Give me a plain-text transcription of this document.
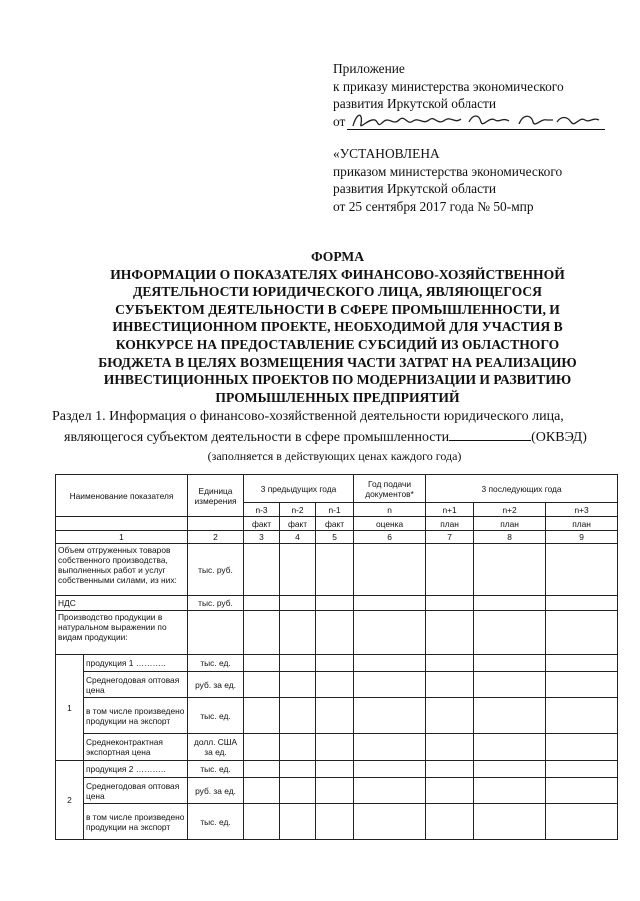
Приложение
к приказу министерства экономического
развития Иркутской области
от
«УСТАНОВЛЕНА
приказом министерства экономического
развития Иркутской области
от 25 сентября 2017 года № 50-мпр
ФОРМА
ИНФОРМАЦИИ О ПОКАЗАТЕЛЯХ ФИНАНСОВО-ХОЗЯЙСТВЕННОЙ
ДЕЯТЕЛЬНОСТИ ЮРИДИЧЕСКОГО ЛИЦА, ЯВЛЯЮЩЕГОСЯ
СУБЪЕКТОМ ДЕЯТЕЛЬНОСТИ В СФЕРЕ ПРОМЫШЛЕННОСТИ, И
ИНВЕСТИЦИОННОМ ПРОЕКТЕ, НЕОБХОДИМОЙ ДЛЯ УЧАСТИЯ В
КОНКУРСЕ НА ПРЕДОСТАВЛЕНИЕ СУБСИДИЙ ИЗ ОБЛАСТНОГО
БЮДЖЕТА В ЦЕЛЯХ ВОЗМЕЩЕНИЯ ЧАСТИ ЗАТРАТ НА РЕАЛИЗАЦИЮ
ИНВЕСТИЦИОННЫХ ПРОЕКТОВ ПО МОДЕРНИЗАЦИИ И РАЗВИТИЮ
ПРОМЫШЛЕННЫХ ПРЕДПРИЯТИЙ
Раздел 1. Информация о финансово-хозяйственной деятельности юридического лица,
являющегося субъектом деятельности в сфере промышленности	(ОКВЭД)
(заполняется в действующих ценах каждого года)
Наименование показателя		Единица измерения	3 предыдущих года			Год подачи документов*	3 последующих года		
			n-3	n-2	n-1	n	n+1	n+2	n+3
			факт	факт	факт	оценка	план	план	план
1		2	3	4	5	6	7	8	9
Объем отгруженных товаров собственного производства, выполненных работ и услуг собственными силами, из них:		тыс. руб.							
НДС		тыс. руб.							
Производство продукции в натуральном выражении по видам продукции:									
1	продукция 1 ………..	тыс. ед.							
	Среднегодовая оптовая цена	руб. за ед.							
	в том числе произведено продукции на экспорт	тыс. ед.							
	Среднеконтрактная экспортная цена	долл. США за ед.							
2	продукция 2 ………..	тыс. ед.							
	Среднегодовая оптовая цена	руб. за ед.							
	в том числе произведено продукции на экспорт	тыс. ед.							
